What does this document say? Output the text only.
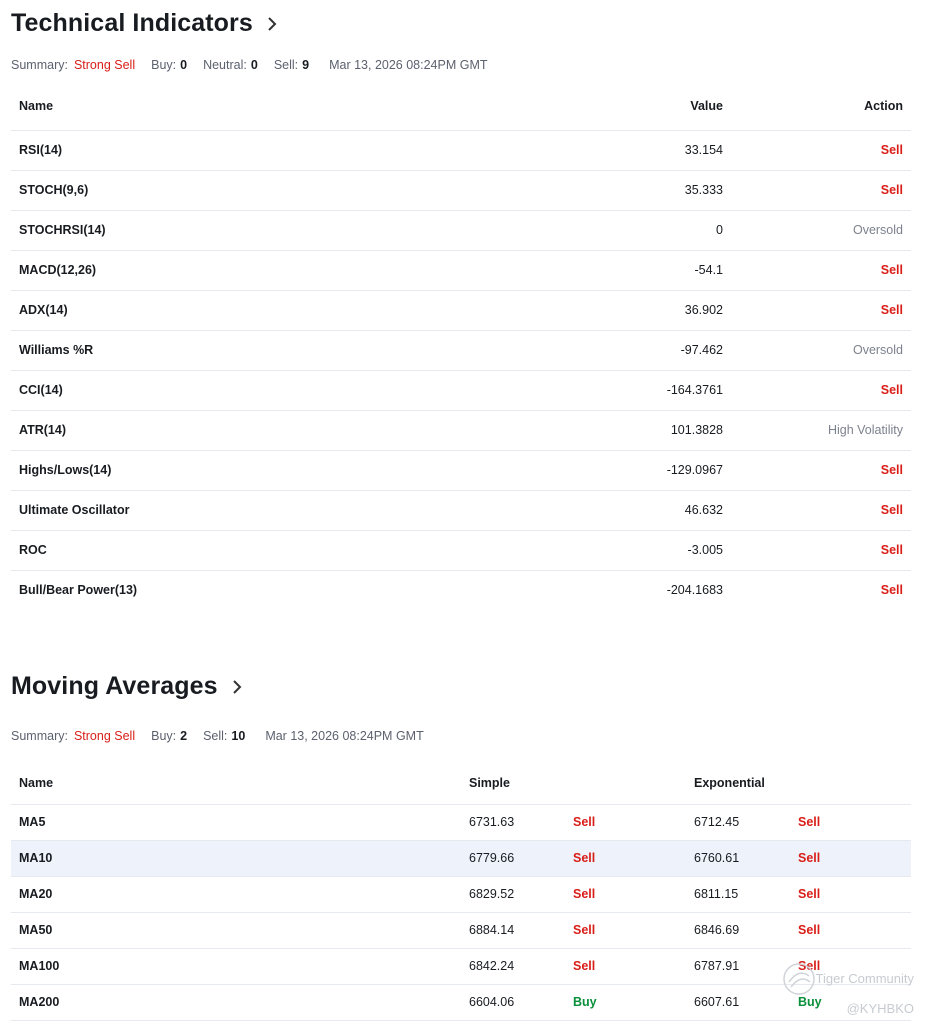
Technical Indicators
Summary: Strong Sell Buy: 0 Neutral: 0 Sell: 9 Mar 13, 2026 08:24PM GMT
Name	Value	Action
RSI(14)	33.154	Sell
STOCH(9,6)	35.333	Sell
STOCHRSI(14)	0	Oversold
MACD(12,26)	-54.1	Sell
ADX(14)	36.902	Sell
Williams %R	-97.462	Oversold
CCI(14)	-164.3761	Sell
ATR(14)	101.3828	High Volatility
Highs/Lows(14)	-129.0967	Sell
Ultimate Oscillator	46.632	Sell
ROC	-3.005	Sell
Bull/Bear Power(13)	-204.1683	Sell
Moving Averages
Summary: Strong Sell Buy: 2 Sell: 10 Mar 13, 2026 08:24PM GMT
Name	Simple		Exponential	
MA5	6731.63	Sell	6712.45	Sell
MA10	6779.66	Sell	6760.61	Sell
MA20	6829.52	Sell	6811.15	Sell
MA50	6884.14	Sell	6846.69	Sell
MA100	6842.24	Sell	6787.91	Sell
MA200	6604.06	Buy	6607.61	Buy
Tiger Community
@KYHBKO
